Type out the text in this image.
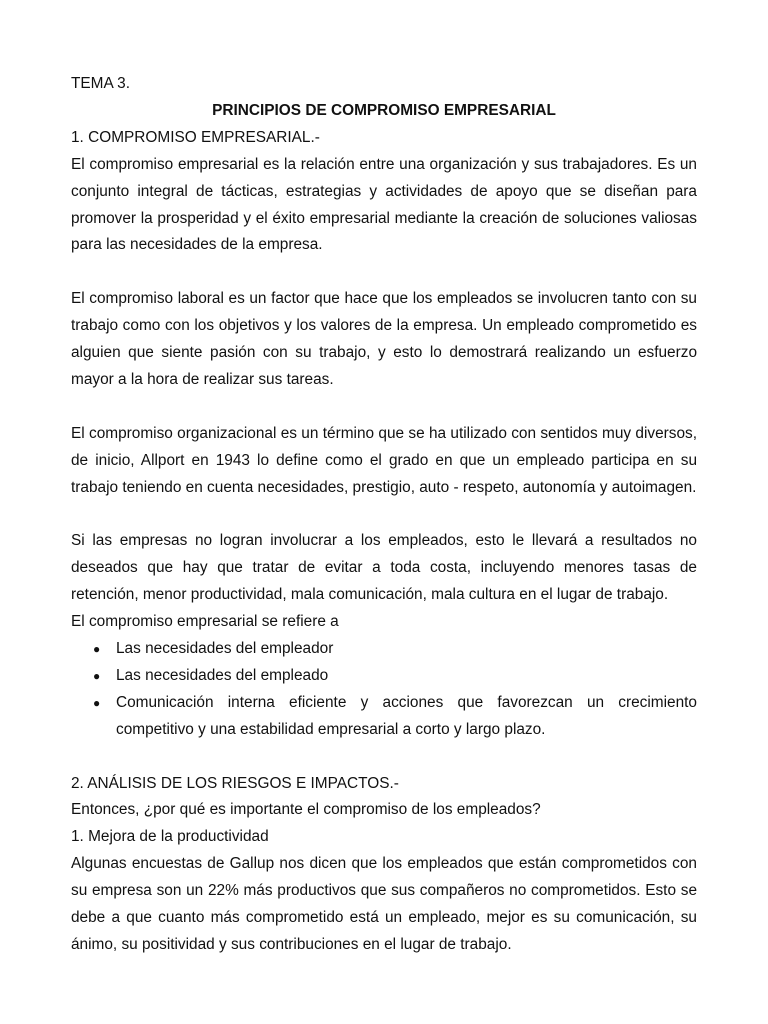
TEMA 3.

PRINCIPIOS DE COMPROMISO EMPRESARIAL

1. COMPROMISO EMPRESARIAL.-

El compromiso empresarial es la relación entre una organización y sus trabajadores. Es un conjunto integral de tácticas, estrategias y actividades de apoyo que se diseñan para promover la prosperidad y el éxito empresarial mediante la creación de soluciones valiosas para las necesidades de la empresa.

El compromiso laboral es un factor que hace que los empleados se involucren tanto con su trabajo como con los objetivos y los valores de la empresa. Un empleado comprometido es alguien que siente pasión con su trabajo, y esto lo demostrará realizando un esfuerzo mayor a la hora de realizar sus tareas.

El compromiso organizacional es un término que se ha utilizado con sentidos muy diversos, de inicio, Allport en 1943 lo define como el grado en que un empleado participa en su trabajo teniendo en cuenta necesidades, prestigio, auto - respeto, autonomía y autoimagen.

Si las empresas no logran involucrar a los empleados, esto le llevará a resultados no deseados que hay que tratar de evitar a toda costa, incluyendo menores tasas de retención, menor productividad, mala comunicación, mala cultura en el lugar de trabajo.

El compromiso empresarial se refiere a

● Las necesidades del empleador
● Las necesidades del empleado
● Comunicación interna eficiente y acciones que favorezcan un crecimiento competitivo y una estabilidad empresarial a corto y largo plazo.

2. ANÁLISIS DE LOS RIESGOS E IMPACTOS.-

Entonces, ¿por qué es importante el compromiso de los empleados?

1. Mejora de la productividad

Algunas encuestas de Gallup nos dicen que los empleados que están comprometidos con su empresa son un 22% más productivos que sus compañeros no comprometidos. Esto se debe a que cuanto más comprometido está un empleado, mejor es su comunicación, su ánimo, su positividad y sus contribuciones en el lugar de trabajo.
